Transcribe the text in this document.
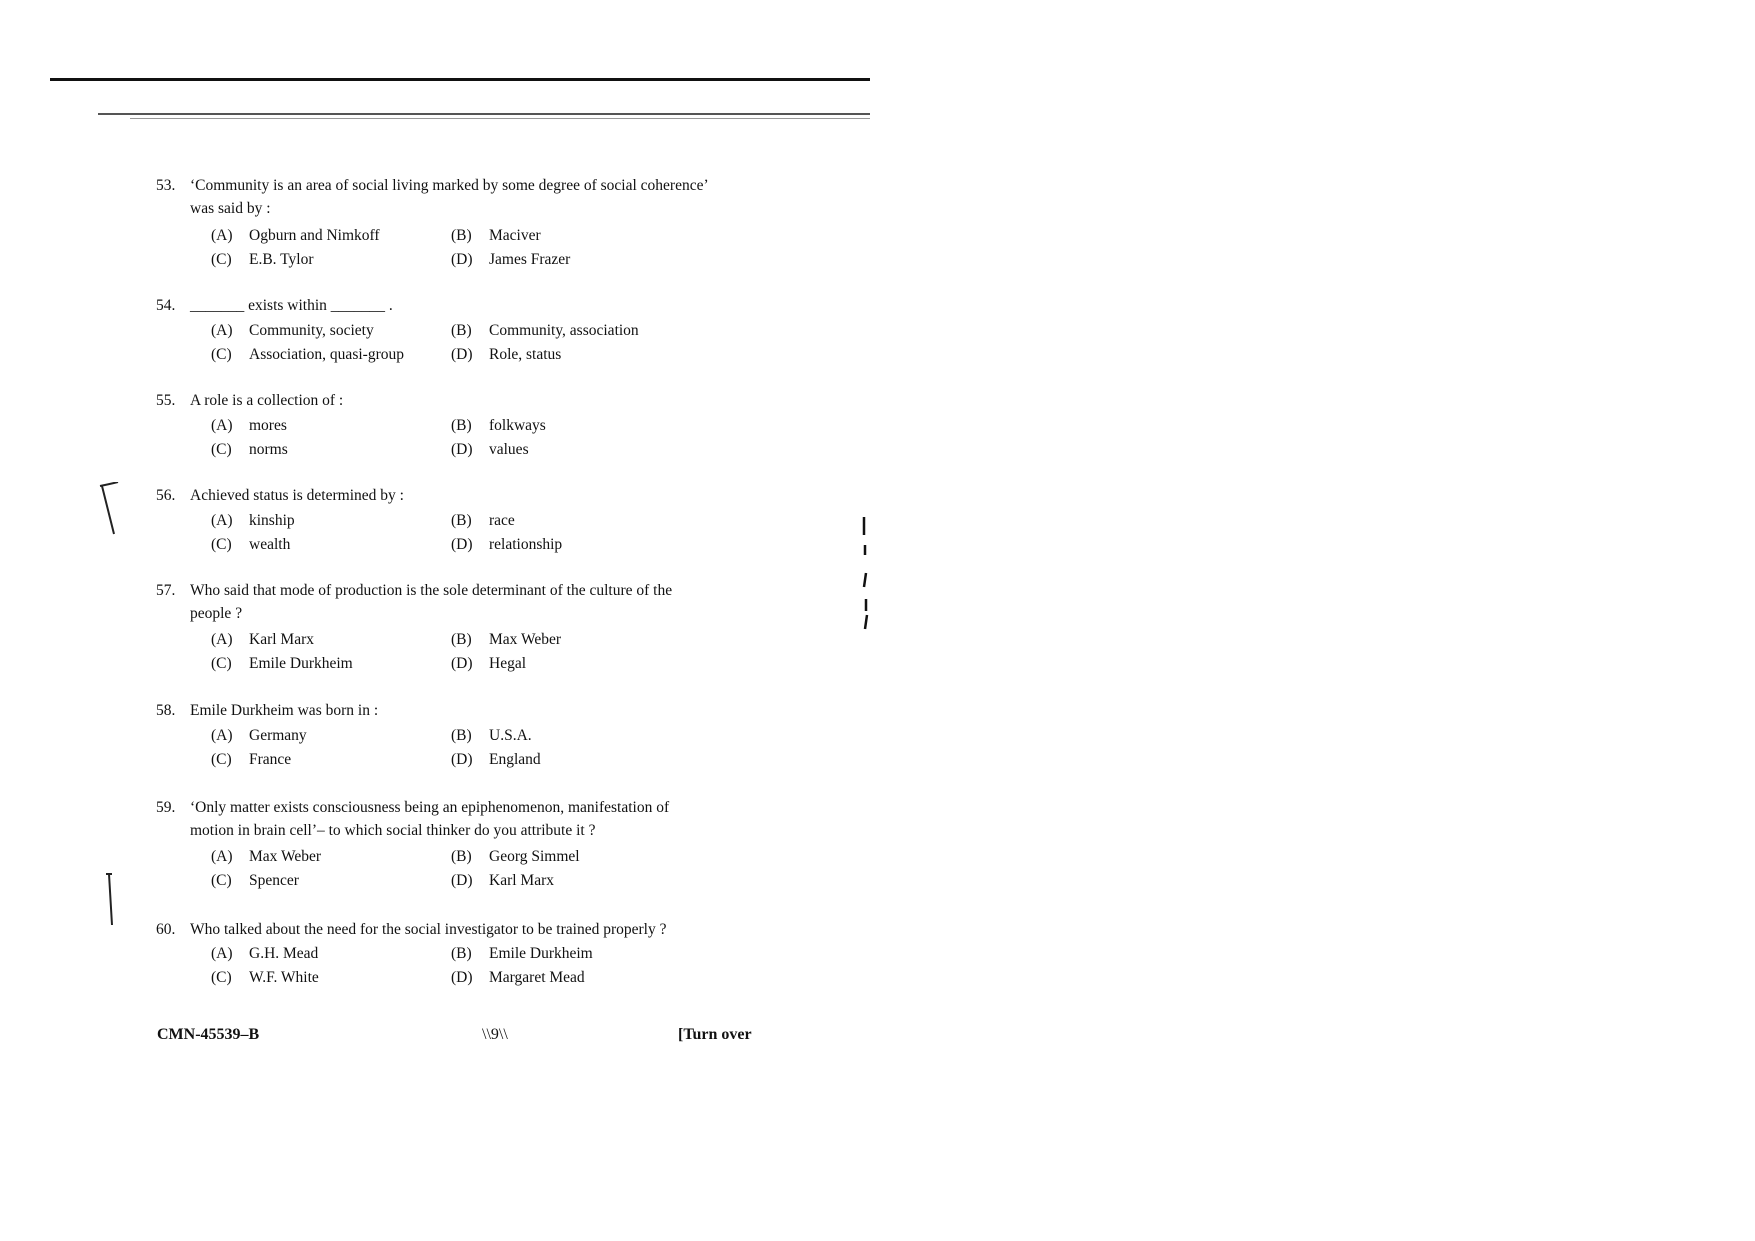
53. ‘Community is an area of social living marked by some degree of social coherence’ was said by :
(A) Ogburn and Nimkoff	(B) Maciver
(C) E.B. Tylor	(D) James Frazer
54. _______ exists within _______ .
(A) Community, society	(B) Community, association
(C) Association, quasi-group	(D) Role, status
55. A role is a collection of :
(A) mores	(B) folkways
(C) norms	(D) values
56. Achieved status is determined by :
(A) kinship	(B) race
(C) wealth	(D) relationship
57. Who said that mode of production is the sole determinant of the culture of the people ?
(A) Karl Marx	(B) Max Weber
(C) Emile Durkheim	(D) Hegal
58. Emile Durkheim was born in :
(A) Germany	(B) U.S.A.
(C) France	(D) England
59. ‘Only matter exists consciousness being an epiphenomenon, manifestation of motion in brain cell’– to which social thinker do you attribute it ?
(A) Max Weber	(B) Georg Simmel
(C) Spencer	(D) Karl Marx
60. Who talked about the need for the social investigator to be trained properly ?
(A) G.H. Mead	(B) Emile Durkheim
(C) W.F. White	(D) Margaret Mead
CMN-45539–B	\\9\\	[Turn over
